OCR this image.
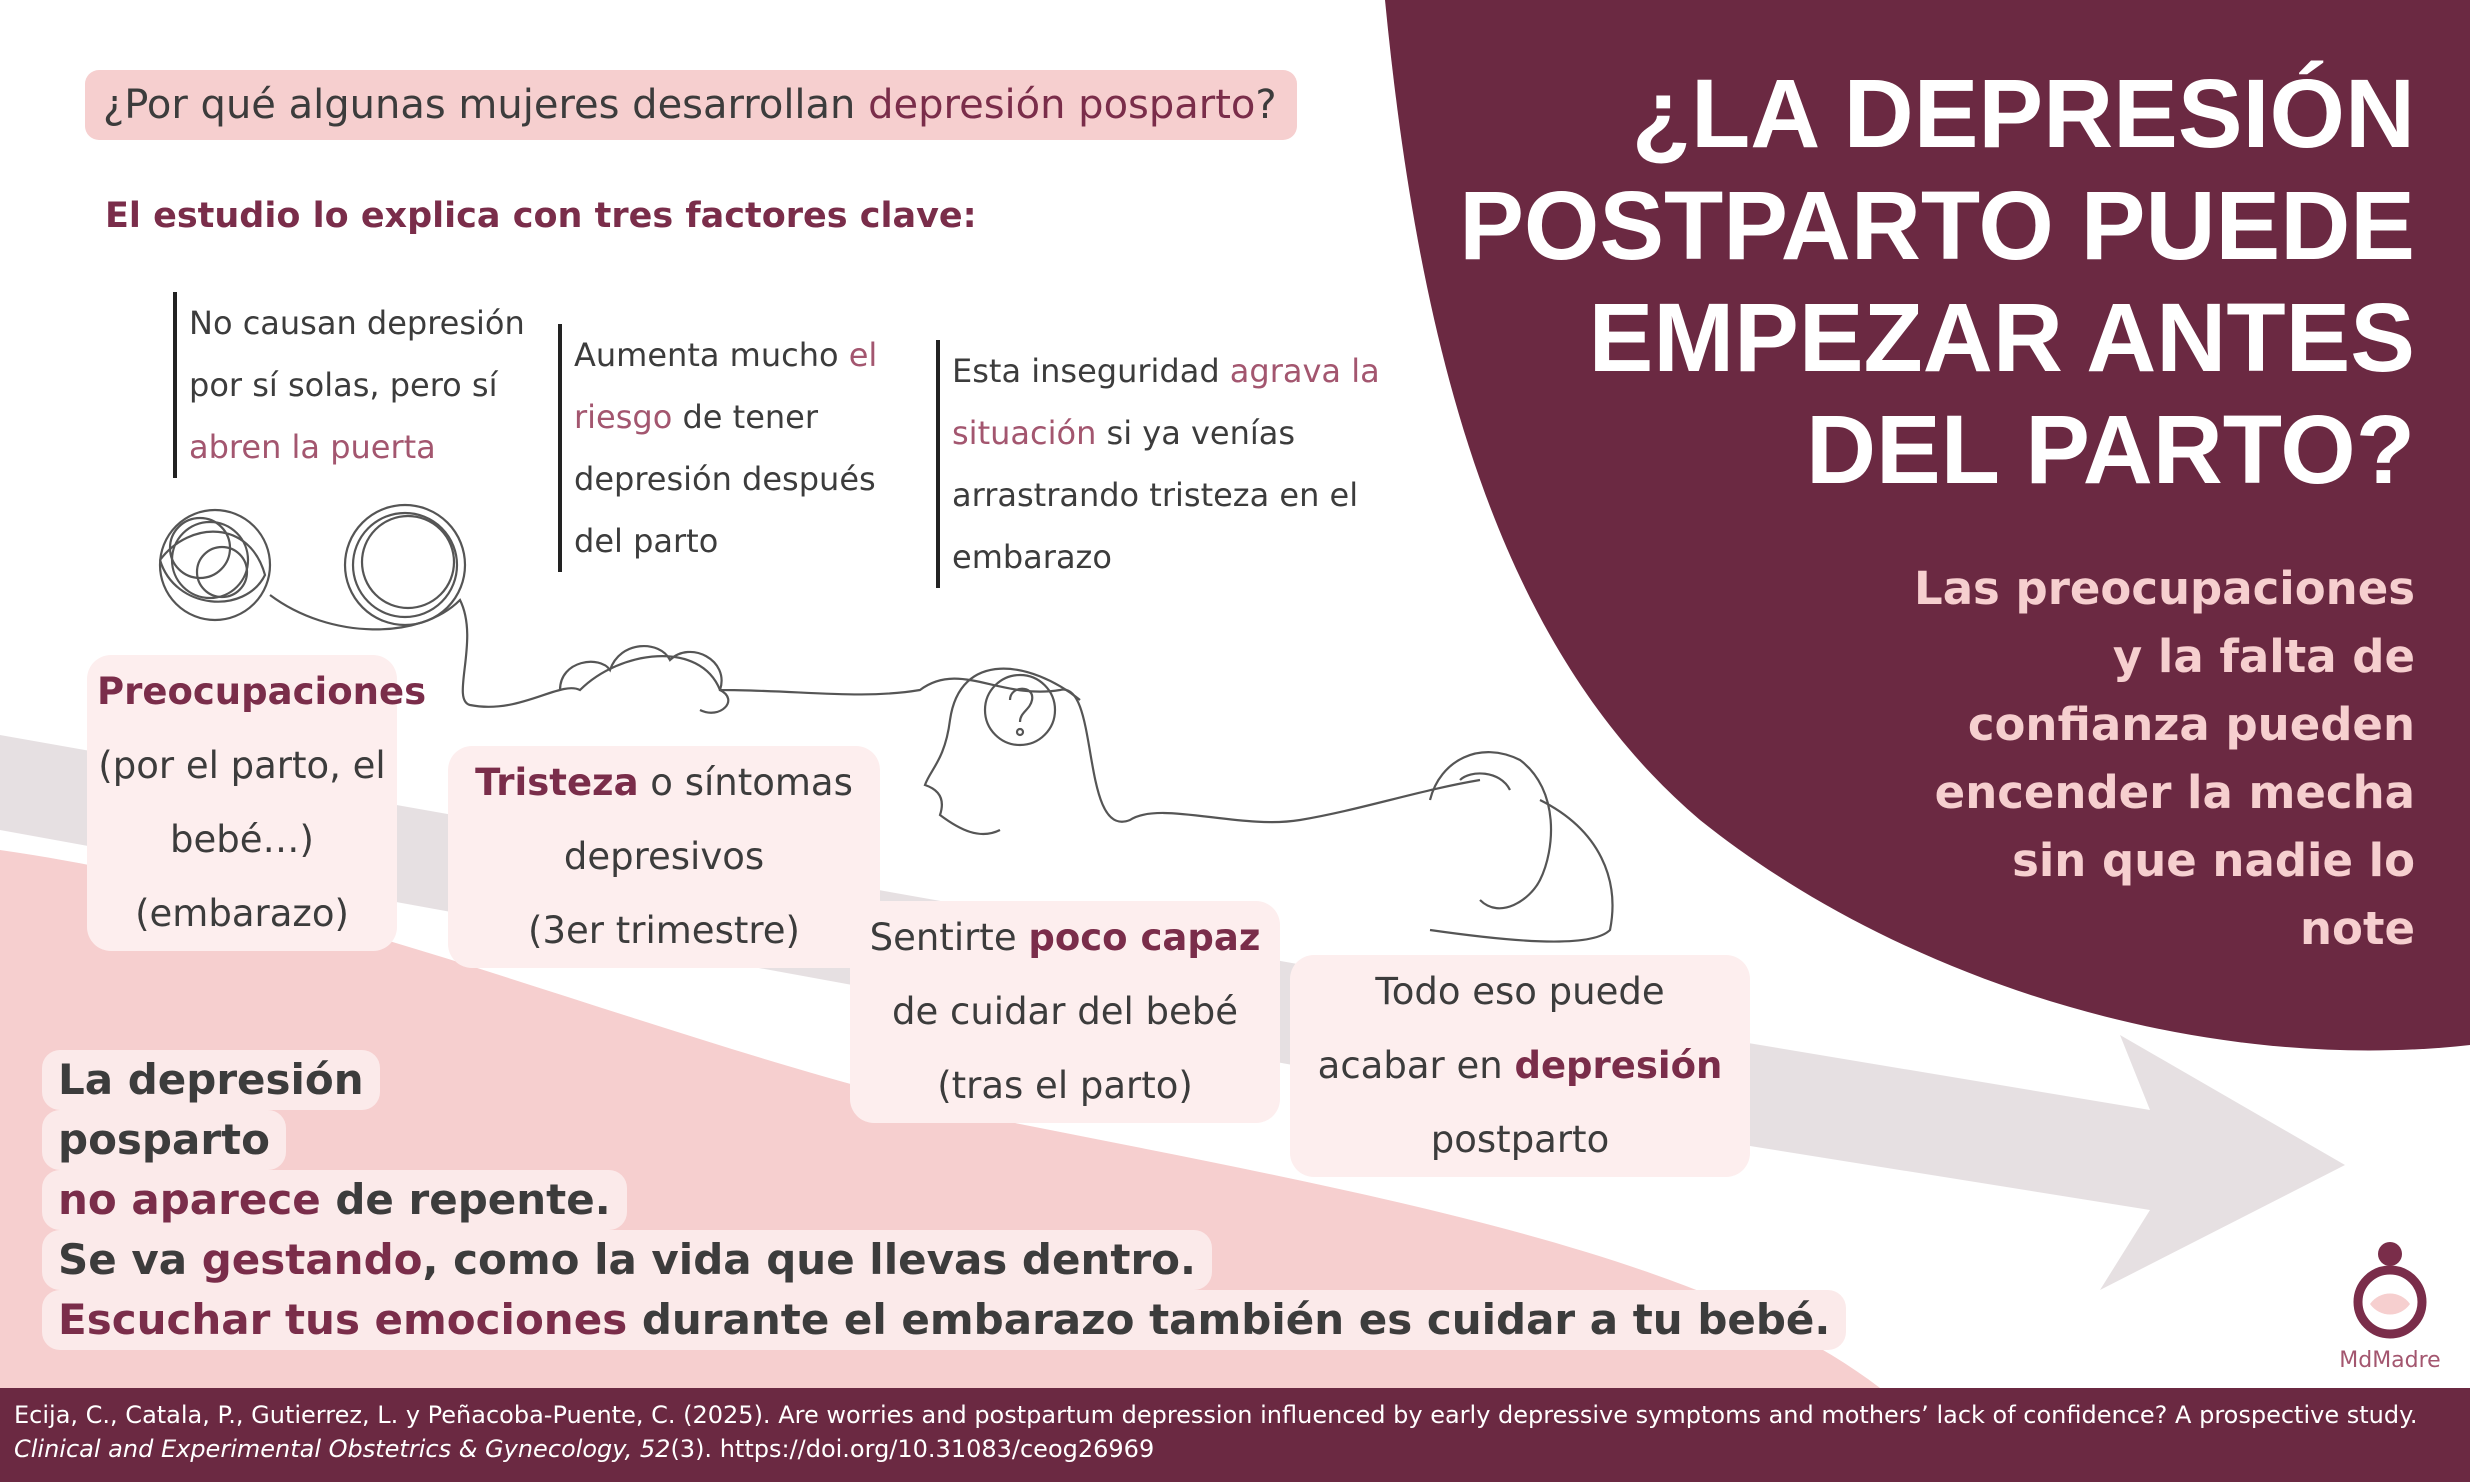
¿Por qué algunas mujeres desarrollan depresión posparto?
El estudio lo explica con tres factores clave:
No causan depresión
por sí solas, pero sí
abren la puerta
Aumenta mucho el
riesgo de tener
depresión después
del parto
Esta inseguridad agrava la
situación si ya venías
arrastrando tristeza en el
embarazo
¿LA DEPRESIÓN
POSTPARTO PUEDE
EMPEZAR ANTES
DEL PARTO?
Las preocupaciones
y la falta de
confianza pueden
encender la mecha
sin que nadie lo
note
Preocupaciones
(por el parto, el
bebé…)
(embarazo)
Tristeza o síntomas
depresivos
(3er trimestre)	Sentirte poco capaz
de cuidar del bebé
(tras el parto)
Todo eso puede
acabar en depresión
postparto
La depresión
posparto
no aparece de repente.
Se va gestando, como la vida que llevas dentro.
Escuchar tus emociones durante el embarazo también es cuidar a tu bebé.
MdMadre
Ecija, C., Catala, P., Gutierrez, L. y Peñacoba-Puente, C. (2025). Are worries and postpartum depression influenced by early depressive symptoms and mothers’ lack of confidence? A prospective study.
Clinical and Experimental Obstetrics & Gynecology, 52(3). https://doi.org/10.31083/ceog26969
